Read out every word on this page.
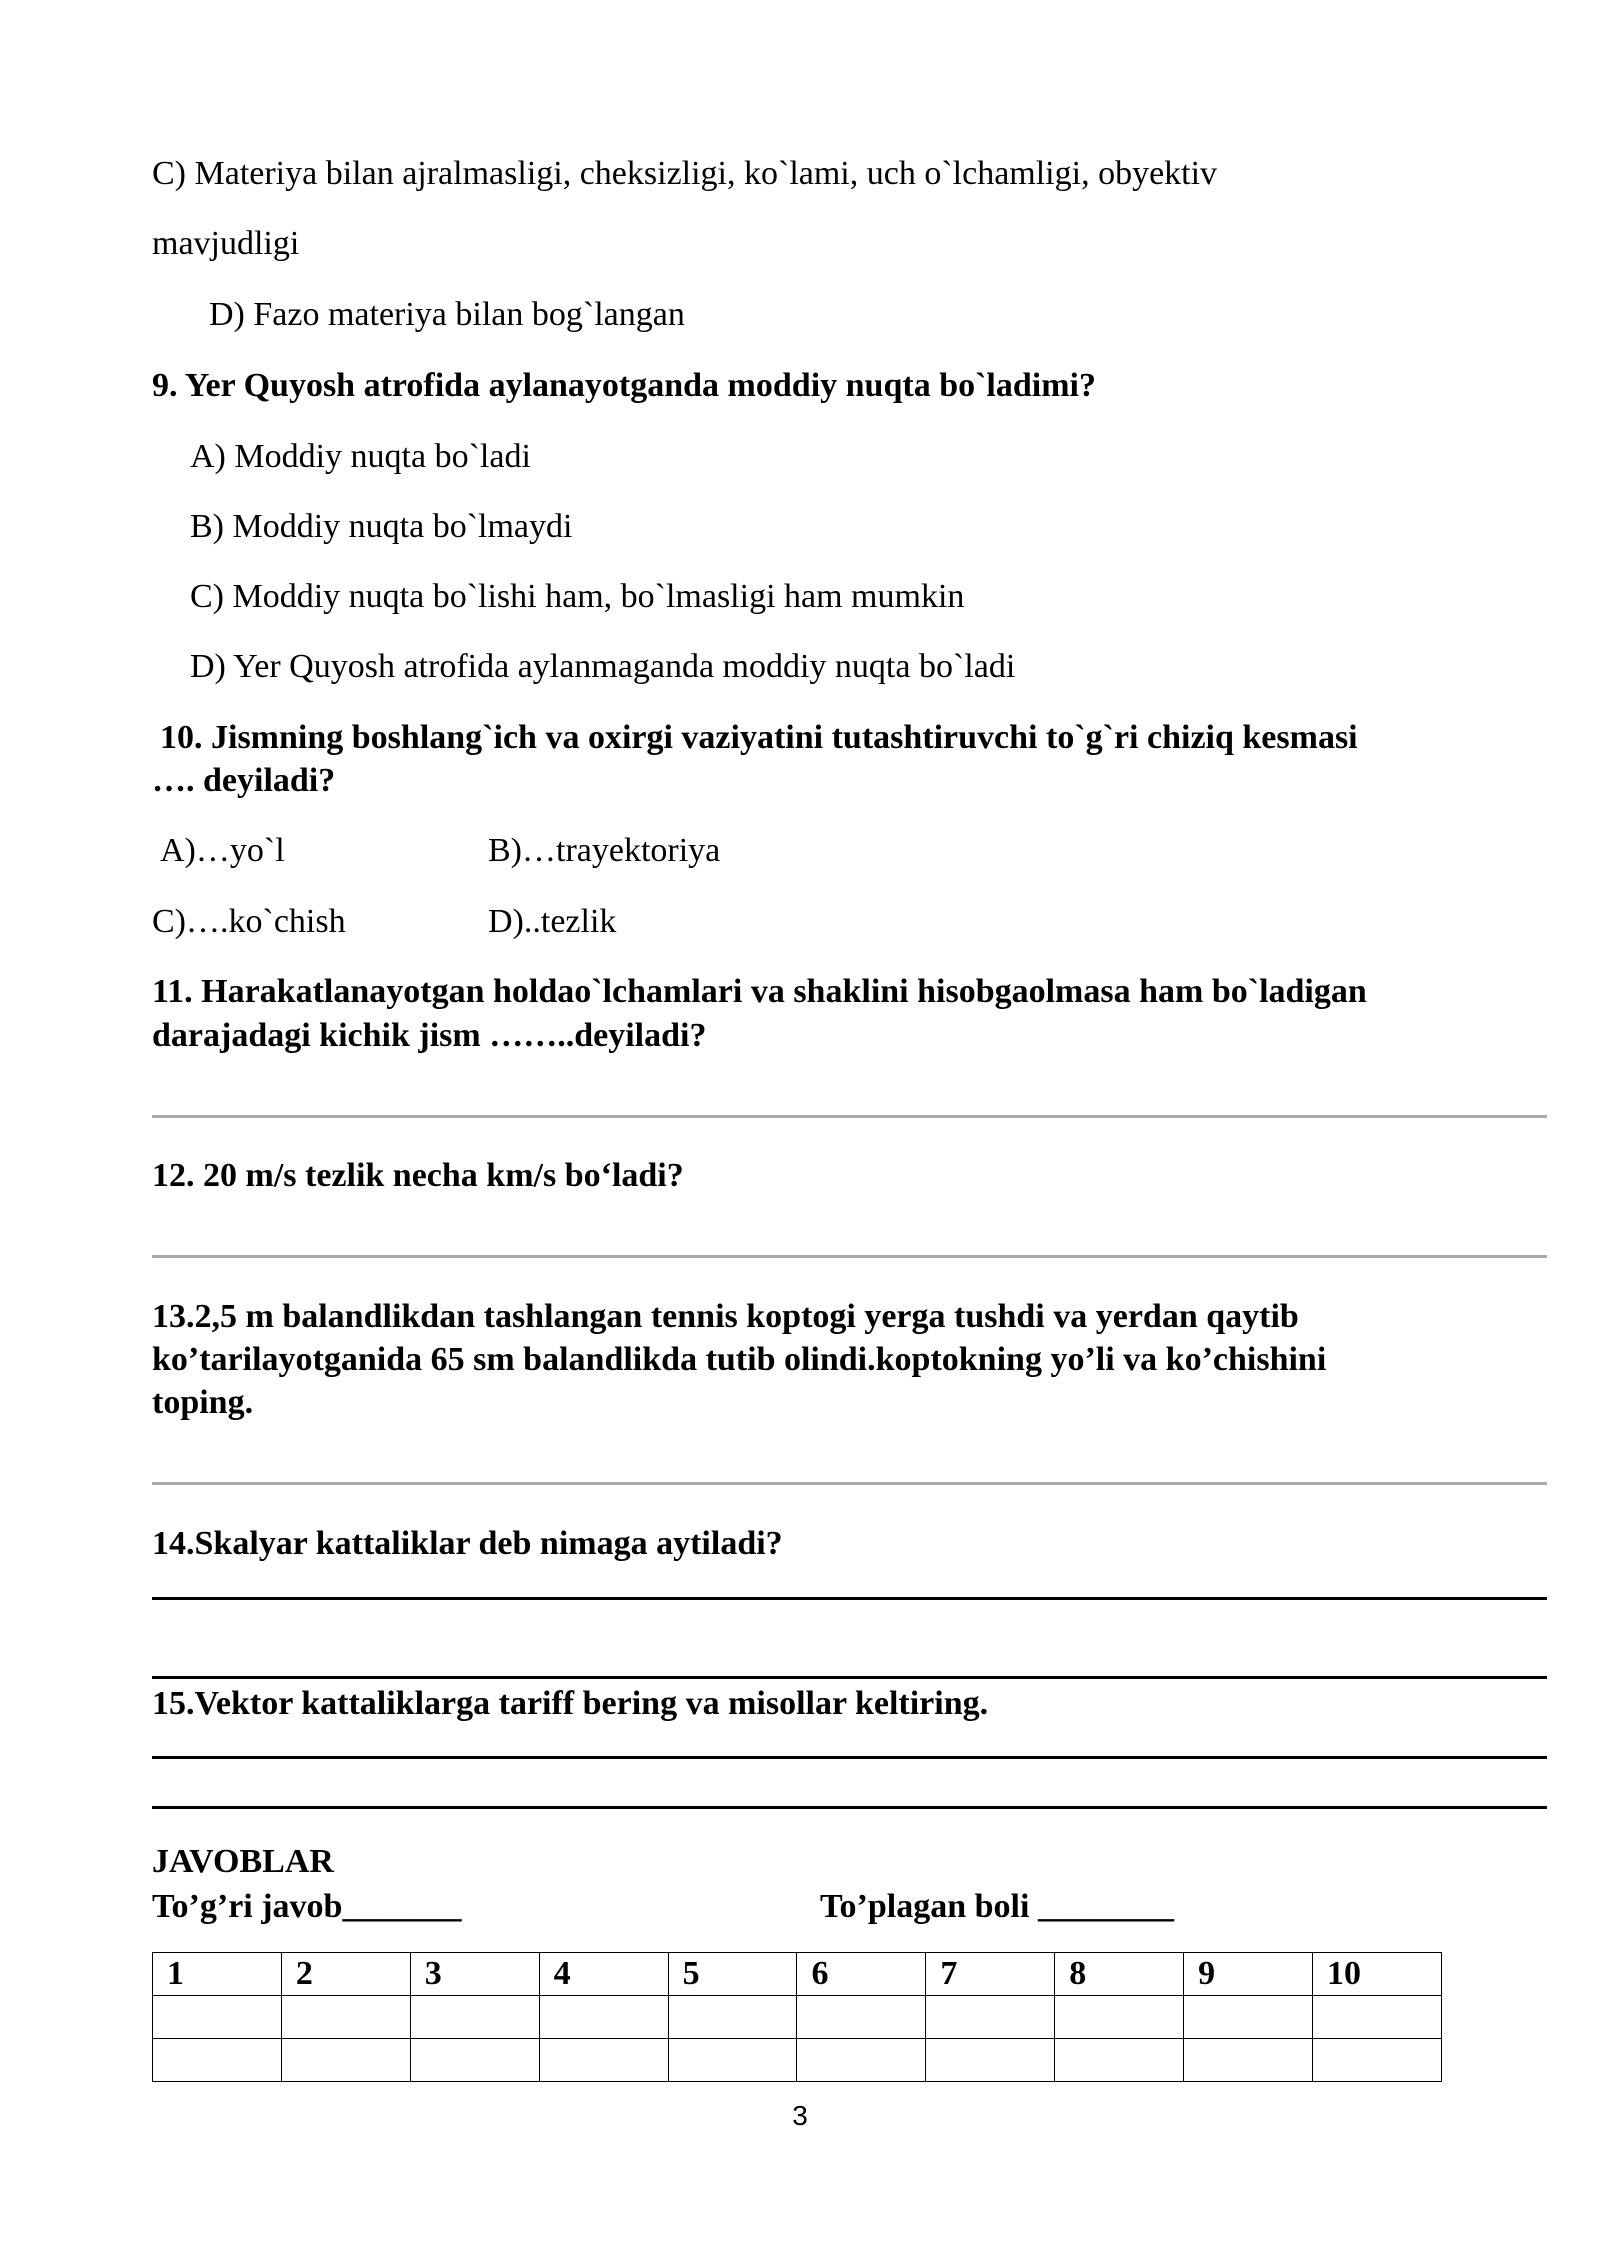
C) Materiya bilan ajralmasligi, cheksizligi, ko`lami, uch o`lchamligi, obyektiv
mavjudligi
D) Fazo materiya bilan bog`langan
9. Yer Quyosh atrofida aylanayotganda moddiy nuqta bo`ladimi?
A) Moddiy nuqta bo`ladi
B) Moddiy nuqta bo`lmaydi
C) Moddiy nuqta bo`lishi ham, bo`lmasligi ham mumkin
D) Yer Quyosh atrofida aylanmaganda moddiy nuqta bo`ladi
10. Jismning boshlang`ich va oxirgi vaziyatini tutashtiruvchi to`g`ri chiziq kesmasi
…. deyiladi?
A)…yo`l	B)…trayektoriya
C)….ko`chish	D)..tezlik
11. Harakatlanayotgan holdao`lchamlari va shaklini hisobgaolmasa ham bo`ladigan
darajadagi kichik jism ……..deyiladi?
12. 20 m/s tezlik necha km/s bo‘ladi?
13.2,5 m balandlikdan tashlangan tennis koptogi yerga tushdi va yerdan qaytib
ko’tarilayotganida 65 sm balandlikda tutib olindi.koptokning yo’li va ko’chishini
toping.
14.Skalyar kattaliklar deb nimaga aytiladi?
15.Vektor kattaliklarga tariff bering va misollar keltiring.
JAVOBLAR
To’g’ri javob_______	To’plagan boli ________
1	2	3	4	5	6	7	8	9	10

3
